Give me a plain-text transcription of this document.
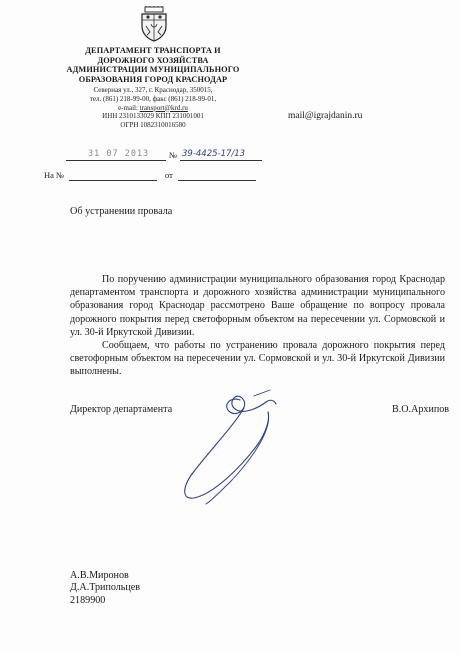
ДЕПАРТАМЕНТ ТРАНСПОРТА И
ДОРОЖНОГО ХОЗЯЙСТВА
АДМИНИСТРАЦИИ МУНИЦИПАЛЬНОГО
ОБРАЗОВАНИЯ ГОРОД КРАСНОДАР
Северная ул., 327, г. Краснодар, 350015,
тел. (861) 218-99-00, факс (861) 218-99-01,
e-mail: transport@krd.ru
ИНН 2310133029 КПП 231001001
ОГРН 1082310016580
mail@igrajdanin.ru
31 07 2013 № 39-4425-17/13
На №	от
Об устранении провала

По поручению администрации муниципального образования город Краснодар департаментом транспорта и дорожного хозяйства администрации муниципального образования город Краснодар рассмотрено Ваше обращение по вопросу провала дорожного покрытия перед светофорным объектом на пересечении ул. Сормовской и ул. 30-й Иркутской Дивизии.

Сообщаем, что работы по устранению провала дорожного покрытия перед светофорным объектом на пересечении ул. Сормовской и ул. 30-й Иркутской Дивизии выполнены.

Директор департамента	В.О.Архипов
А.В.Миронов
Д.А.Трипольцев
2189900
